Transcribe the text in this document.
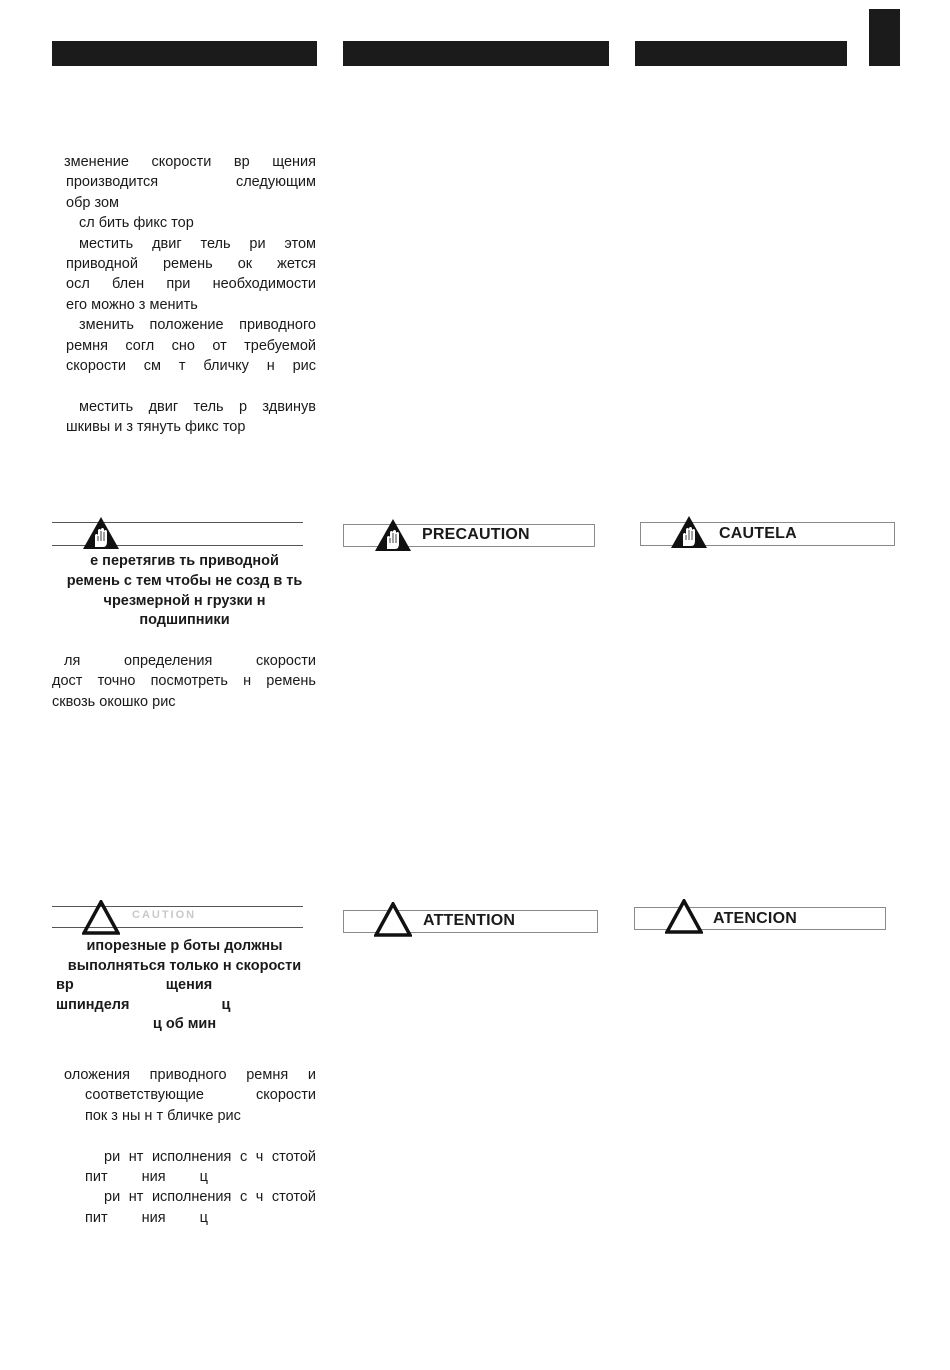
зменение скорости вр щения

производится следующим

обр зом

сл бить фикс тор

местить двиг тель ри этом

приводной ремень ок жется

осл блен при необходимости

его можно з менить

зменить положение приводного

ремня согл сно от требуемой

скорости см т бличку н рис

местить двиг тель р здвинув

шкивы и з тянуть фикс тор

е перетягив ть приводной

ремень с тем чтобы не созд в ть

чрезмерной н грузки н

подшипники

ля определения скорости

дост точно посмотреть н ремень

сквозь окошко рис

CAUTION

ипорезные р боты должны

выполняться только н скорости

вр щения шпинделя ц

ц об мин

оложения приводного ремня и

соответствующие скорости

пок з ны н т бличке рис

ри нт исполнения с ч стотой

пит ния ц

ри нт исполнения с ч стотой

пит ния ц

PRECAUTION
ATTENTION
CAUTELA
ATENCION
